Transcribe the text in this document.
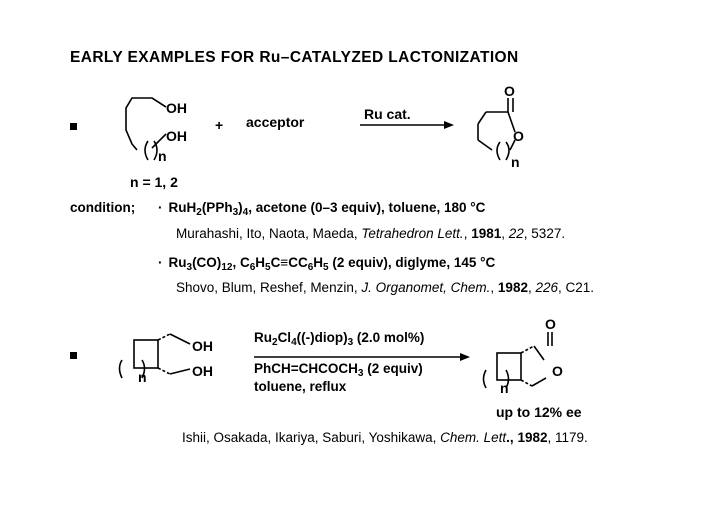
EARLY EXAMPLES FOR Ru–CATALYZED LACTONIZATION
OH
OH
n
+ acceptor	Ru cat.
O
O
n
n = 1, 2
condition; · $RuH_2(PPh_3)_4$, acetone (0–3 equiv), toluene, 180 °C
Murahashi, Ito, Naota, Maeda, Tetrahedron Lett., 1981, 22, 5327.
· $Ru_3(CO)_{12}$, $C_6H_5C\equiv CC_6H_5$ (2 equiv), diglyme, 145 °C
Shovo, Blum, Reshef, Menzin, J. Organomet, Chem., 1982, 226, C21.
OH
OH
n
$Ru_2Cl_4((-)diop)_3$ (2.0 mol%)
$PhCH=CHCOCH_3$ (2 equiv)
toluene, reflux
O
O
n
up to 12% ee
Ishii, Osakada, Ikariya, Saburi, Yoshikawa, Chem. Lett., 1982, 1179.
